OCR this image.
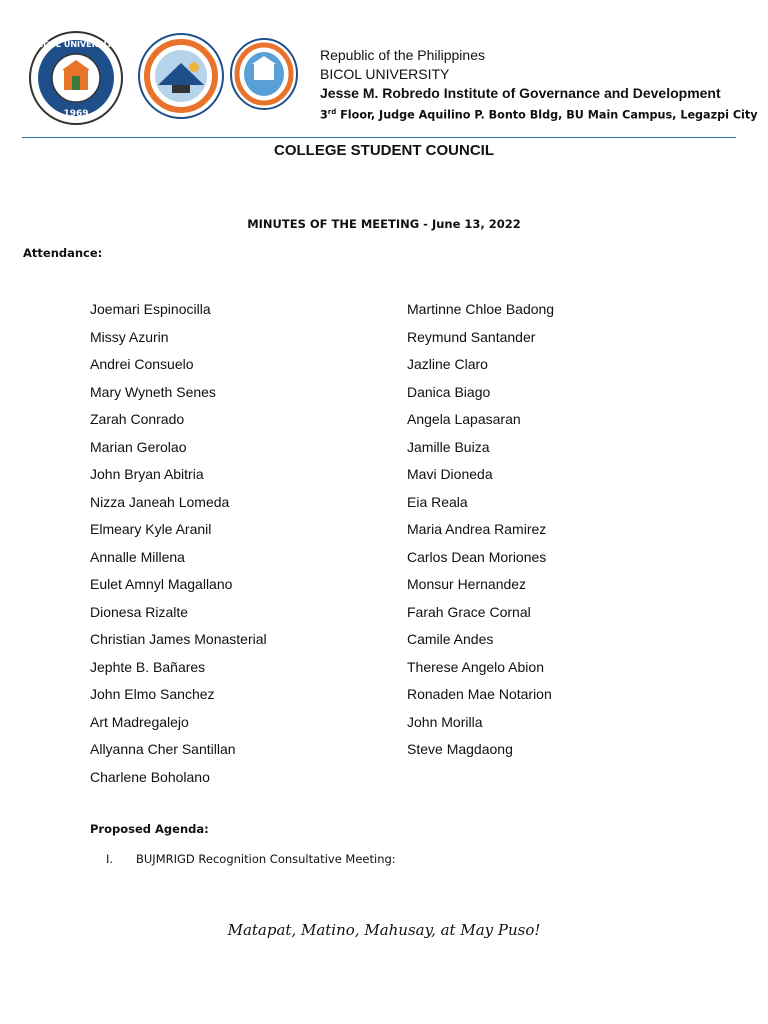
BICOL UNIVERSITY
1969
Republic of the Philippines
BICOL UNIVERSITY
Jesse M. Robredo Institute of Governance and Development
3rd Floor, Judge Aquilino P. Bonto Bldg, BU Main Campus, Legazpi City
COLLEGE STUDENT COUNCIL
MINUTES OF THE MEETING - June 13, 2022
Attendance:
Joemari Espinocilla
Missy Azurin
Andrei Consuelo
Mary Wyneth Senes
Zarah Conrado
Marian Gerolao
John Bryan Abitria
Nizza Janeah Lomeda
Elmeary Kyle Aranil
Annalle Millena
Eulet Amnyl Magallano
Dionesa Rizalte
Christian James Monasterial
Jephte B. Bañares
John Elmo Sanchez
Art Madregalejo
Allyanna Cher Santillan
Charlene Boholano
Martinne Chloe Badong
Reymund Santander
Jazline Claro
Danica Biago
Angela Lapasaran
Jamille Buiza
Mavi Dioneda
Eia Reala
Maria Andrea Ramirez
Carlos Dean Moriones
Monsur Hernandez
Farah Grace Cornal
Camile Andes
Therese Angelo Abion
Ronaden Mae Notarion
John Morilla
Steve Magdaong
Proposed Agenda:
I. BUJMRIGD Recognition Consultative Meeting:
Matapat, Matino, Mahusay, at May Puso!
